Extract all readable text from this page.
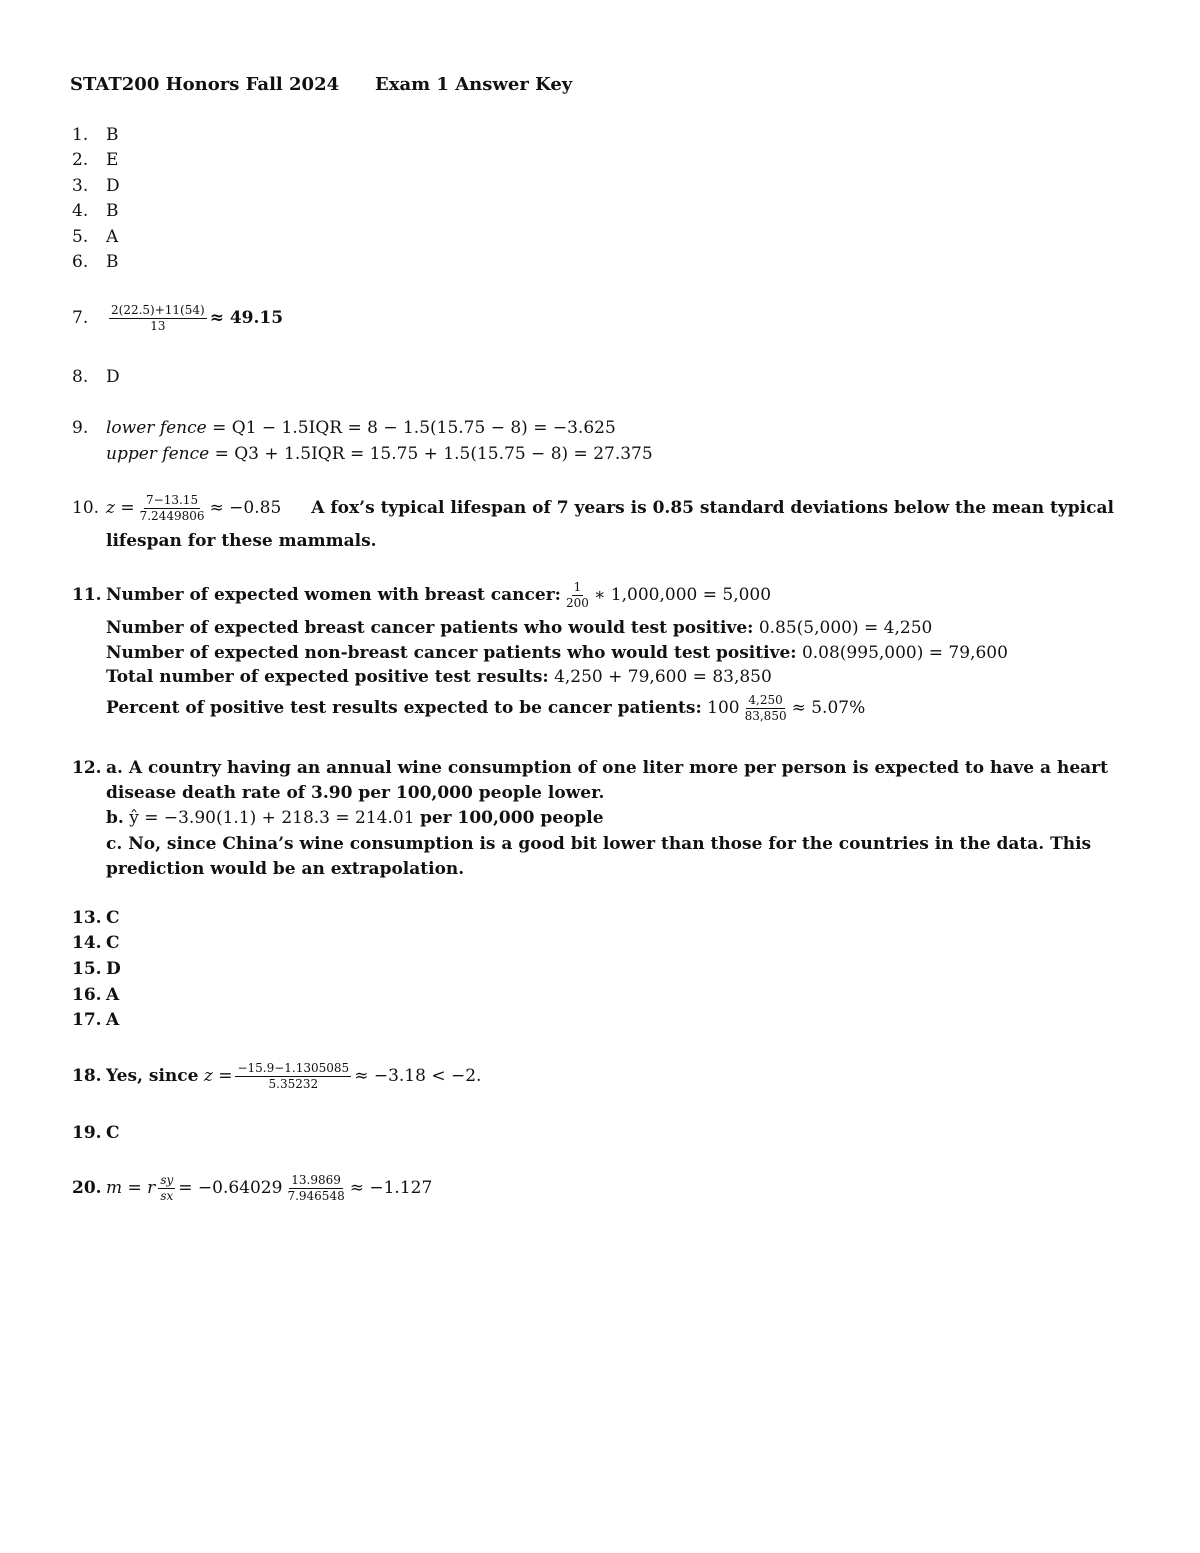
STAT200 Honors Fall 2024 Exam 1 Answer Key
1. B
2. E
3. D
4. B
5. A
6. B
7. $\frac{2(22.5)+11(54)}{13} \approx 49.15$
8. D
9. lower fence = Q1 − 1.5IQR = 8 − 1.5(15.75 − 8) = −3.625
upper fence = Q3 + 1.5IQR = 15.75 + 1.5(15.75 − 8) = 27.375
10. $z = \frac{7-13.15}{7.2449806} \approx -0.85$ A fox’s typical lifespan of 7 years is 0.85 standard deviations below the mean typical
lifespan for these mammals.
11. Number of expected women with breast cancer: $\frac{1}{200}$ ∗ 1,000,000 = 5,000
Number of expected breast cancer patients who would test positive: 0.85(5,000) = 4,250
Number of expected non-breast cancer patients who would test positive: 0.08(995,000) = 79,600
Total number of expected positive test results: 4,250 + 79,600 = 83,850
Percent of positive test results expected to be cancer patients: $100 \frac{4,250}{83,850} \approx 5.07\%$
12. a. A country having an annual wine consumption of one liter more per person is expected to have a heart
disease death rate of 3.90 per 100,000 people lower.
b. ŷ = −3.90(1.1) + 218.3 = 214.01 per 100,000 people
c. No, since China’s wine consumption is a good bit lower than those for the countries in the data. This
prediction would be an extrapolation.
13. C
14. C
15. D
16. A
17. A
18. Yes, since $z = \frac{-15.9-1.1305085}{5.35232} \approx -3.18 < -2$.
19. C
20. m = r $\frac{sy}{sx} = -0.64029 \frac{13.9869}{7.946548} \approx -1.127$
